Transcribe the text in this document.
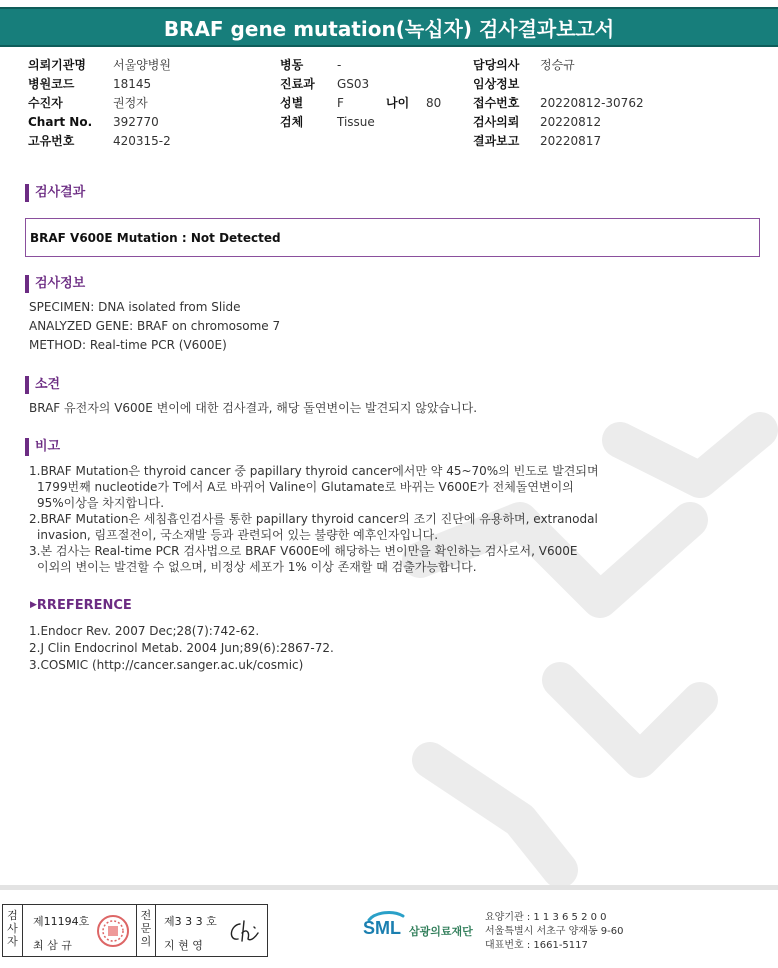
BRAF gene mutation(녹십자) 검사결과보고서
의뢰기관명 서울양병원
병원코드	18145
수진자	권정자
Chart No. 392770
고유번호	420315-2
병동	-
진료과 GS03
성별	F	나이 80
검체	Tissue
담당의사 정승규
임상정보
접수번호 20220812-30762
검사의뢰 20220812
결과보고 20220817
검사결과
BRAF V600E Mutation : Not Detected
검사정보
SPECIMEN: DNA isolated from Slide
ANALYZED GENE: BRAF on chromosome 7
METHOD: Real-time PCR (V600E)
소견
BRAF 유전자의 V600E 변이에 대한 검사결과, 해당 돌연변이는 발견되지 않았습니다.
비고
1.BRAF Mutation은 thyroid cancer 중 papillary thyroid cancer에서만 약 45~70%의 빈도로 발견되며
1799번째 nucleotide가 T에서 A로 바뀌어 Valine이 Glutamate로 바뀌는 V600E가 전체돌연변이의
95%이상을 차지합니다.
2.BRAF Mutation은 세침흡인검사를 통한 papillary thyroid cancer의 조기 진단에 유용하며, extranodal
invasion, 림프절전이, 국소재발 등과 관련되어 있는 불량한 예후인자입니다.
3.본 검사는 Real-time PCR 검사법으로 BRAF V600E에 해당하는 변이만을 확인하는 검사로서, V600E
이외의 변이는 발견할 수 없으며, 비정상 세포가 1% 이상 존재할 때 검출가능합니다.
▶RREFERENCE
1.Endocr Rev. 2007 Dec;28(7):742-62.
2.J Clin Endocrinol Metab. 2004 Jun;89(6):2867-72.
3.COSMIC (http://cancer.sanger.ac.uk/cosmic)
검
사
자
제11194호
최 삼 규
전
문
의
제3 3 3 호
지 현 영
SML 삼광의료재단
요양기관 : 1 1 3 6 5 2 0 0
서울특별시 서초구 양재동 9-60
대표번호 : 1661-5117
